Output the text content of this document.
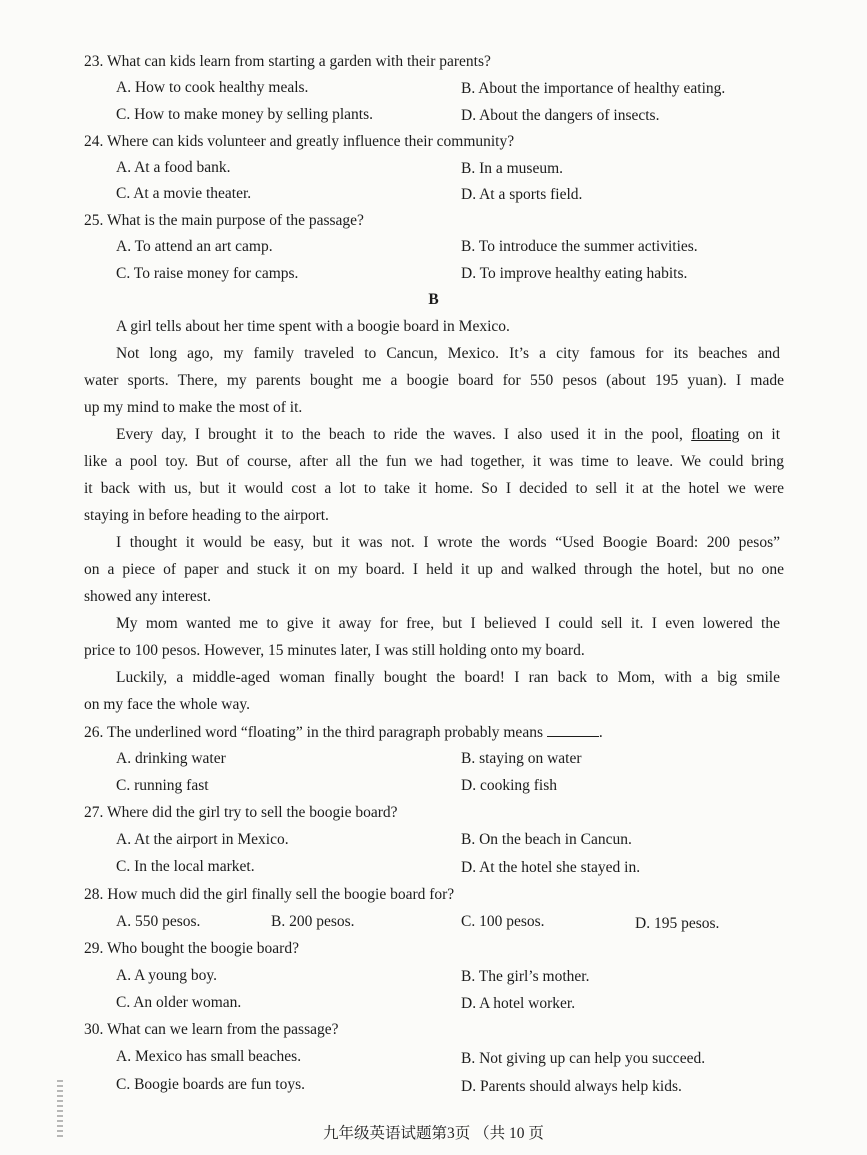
23. What can kids learn from starting a garden with their parents?
A. How to cook healthy meals.	B. About the importance of healthy eating.
C. How to make money by selling plants.	D. About the dangers of insects.
24. Where can kids volunteer and greatly influence their community?
A. At a food bank.	B. In a museum.
C. At a movie theater.	D. At a sports field.
25. What is the main purpose of the passage?
A. To attend an art camp.	B. To introduce the summer activities.
C. To raise money for camps.	D. To improve healthy eating habits.
B
A girl tells about her time spent with a boogie board in Mexico.
Not long ago, my family traveled to Cancun, Mexico. It’s a city famous for its beaches and
water sports. There, my parents bought me a boogie board for 550 pesos (about 195 yuan). I made
up my mind to make the most of it.
Every day, I brought it to the beach to ride the waves. I also used it in the pool, floating on it
like a pool toy. But of course, after all the fun we had together, it was time to leave. We could bring
it back with us, but it would cost a lot to take it home. So I decided to sell it at the hotel we were
staying in before heading to the airport.
I thought it would be easy, but it was not. I wrote the words “Used Boogie Board: 200 pesos”
on a piece of paper and stuck it on my board. I held it up and walked through the hotel, but no one
showed any interest.
My mom wanted me to give it away for free, but I believed I could sell it. I even lowered the
price to 100 pesos. However, 15 minutes later, I was still holding onto my board.
Luckily, a middle-aged woman finally bought the board! I ran back to Mom, with a big smile
on my face the whole way.
26. The underlined word “floating” in the third paragraph probably means	.
A. drinking water	B. staying on water
C. running fast	D. cooking fish
27. Where did the girl try to sell the boogie board?
A. At the airport in Mexico.	B. On the beach in Cancun.
C. In the local market.	D. At the hotel she stayed in.
28. How much did the girl finally sell the boogie board for?
A. 550 pesos.	B. 200 pesos.	C. 100 pesos.	D. 195 pesos.
29. Who bought the boogie board?
A. A young boy.	B. The girl’s mother.
C. An older woman.	D. A hotel worker.
30. What can we learn from the passage?
A. Mexico has small beaches.	B. Not giving up can help you succeed.
C. Boogie boards are fun toys.	D. Parents should always help kids.
九年级英语试题第3页 （共 10 页
